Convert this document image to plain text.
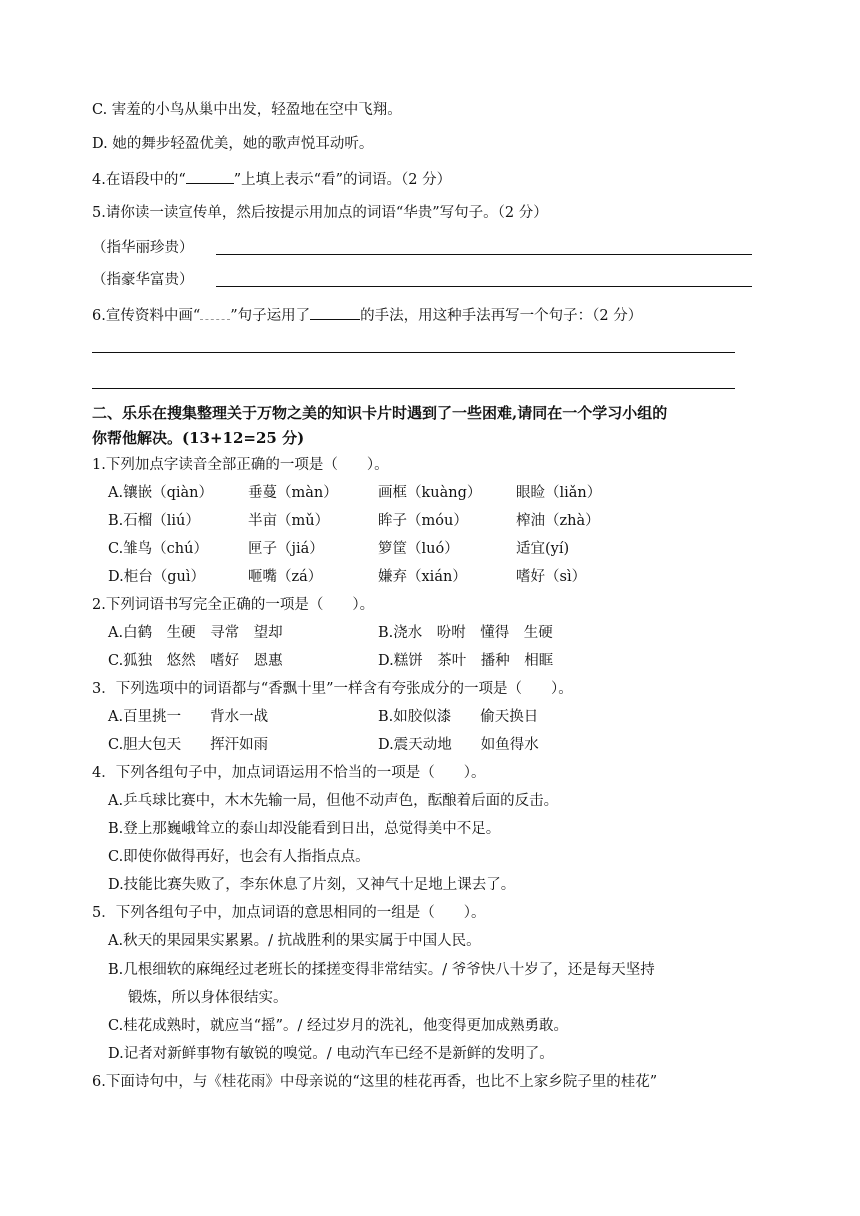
C. 害羞的小鸟从巢中出发，轻盈地在空中飞翔。
D. 她的舞步轻盈优美，她的歌声悦耳动听。
4.在语段中的“	”上填上表示“看”的词语。（2 分）
5.请你读一读宣传单，然后按提示用加点的词语“华贵”写句子。（2 分）
（指华丽珍贵）
（指豪华富贵）
6.宣传资料中画“ ”句子运用了	的手法，用这种手法再写一个句子：（2 分）
二、乐乐在搜集整理关于万物之美的知识卡片时遇到了一些困难,请同在一个学习小组的
你帮他解决。(13+12=25 分)
1.下列加点字读音全部正确的一项是（　　）。
A.镶嵌（qiàn） 垂蔓（màn）	画框（kuàng） 眼睑（liǎn）
B.石榴（liú）	半亩（mǔ）	眸子（móu）	榨油（zhà）
C.雏鸟（chú）	匣子（jiá）	箩筐（luó）	适宜(yí)
D.柜台（guì）	咂嘴（zá）	嫌弃（xián）	嗜好（sì）
2.下列词语书写完全正确的一项是（　　）。
A.白鹤　生硬　寻常　望却	B.浇水　吩咐　懂得　生硬
C.狐独　悠然　嗜好　恩惠	D.糕饼　茶叶　播种　相眶
3．下列选项中的词语都与“香飘十里”一样含有夸张成分的一项是（　　）。
A.百里挑一　　背水一战	B.如胶似漆　　偷天换日
C.胆大包天　　挥汗如雨	D.震天动地　　如鱼得水
4．下列各组句子中，加点词语运用不恰当的一项是（　　）。
A.乒乓球比赛中，木木先输一局，但他不动声色，酝酿着后面的反击。
B.登上那巍峨耸立的泰山却没能看到日出，总觉得美中不足。
C.即使你做得再好，也会有人指指点点。
D.技能比赛失败了，李东休息了片刻，又神气十足地上课去了。
5．下列各组句子中，加点词语的意思相同的一组是（　　）。
A.秋天的果园果实累累。/ 抗战胜利的果实属于中国人民。
B.几根细软的麻绳经过老班长的揉搓变得非常结实。/ 爷爷快八十岁了，还是每天坚持
锻炼，所以身体很结实。
C.桂花成熟时，就应当“摇”。/ 经过岁月的洗礼，他变得更加成熟勇敢。
D.记者对新鲜事物有敏锐的嗅觉。/ 电动汽车已经不是新鲜的发明了。
6.下面诗句中，与《桂花雨》中母亲说的“这里的桂花再香，也比不上家乡院子里的桂花”
